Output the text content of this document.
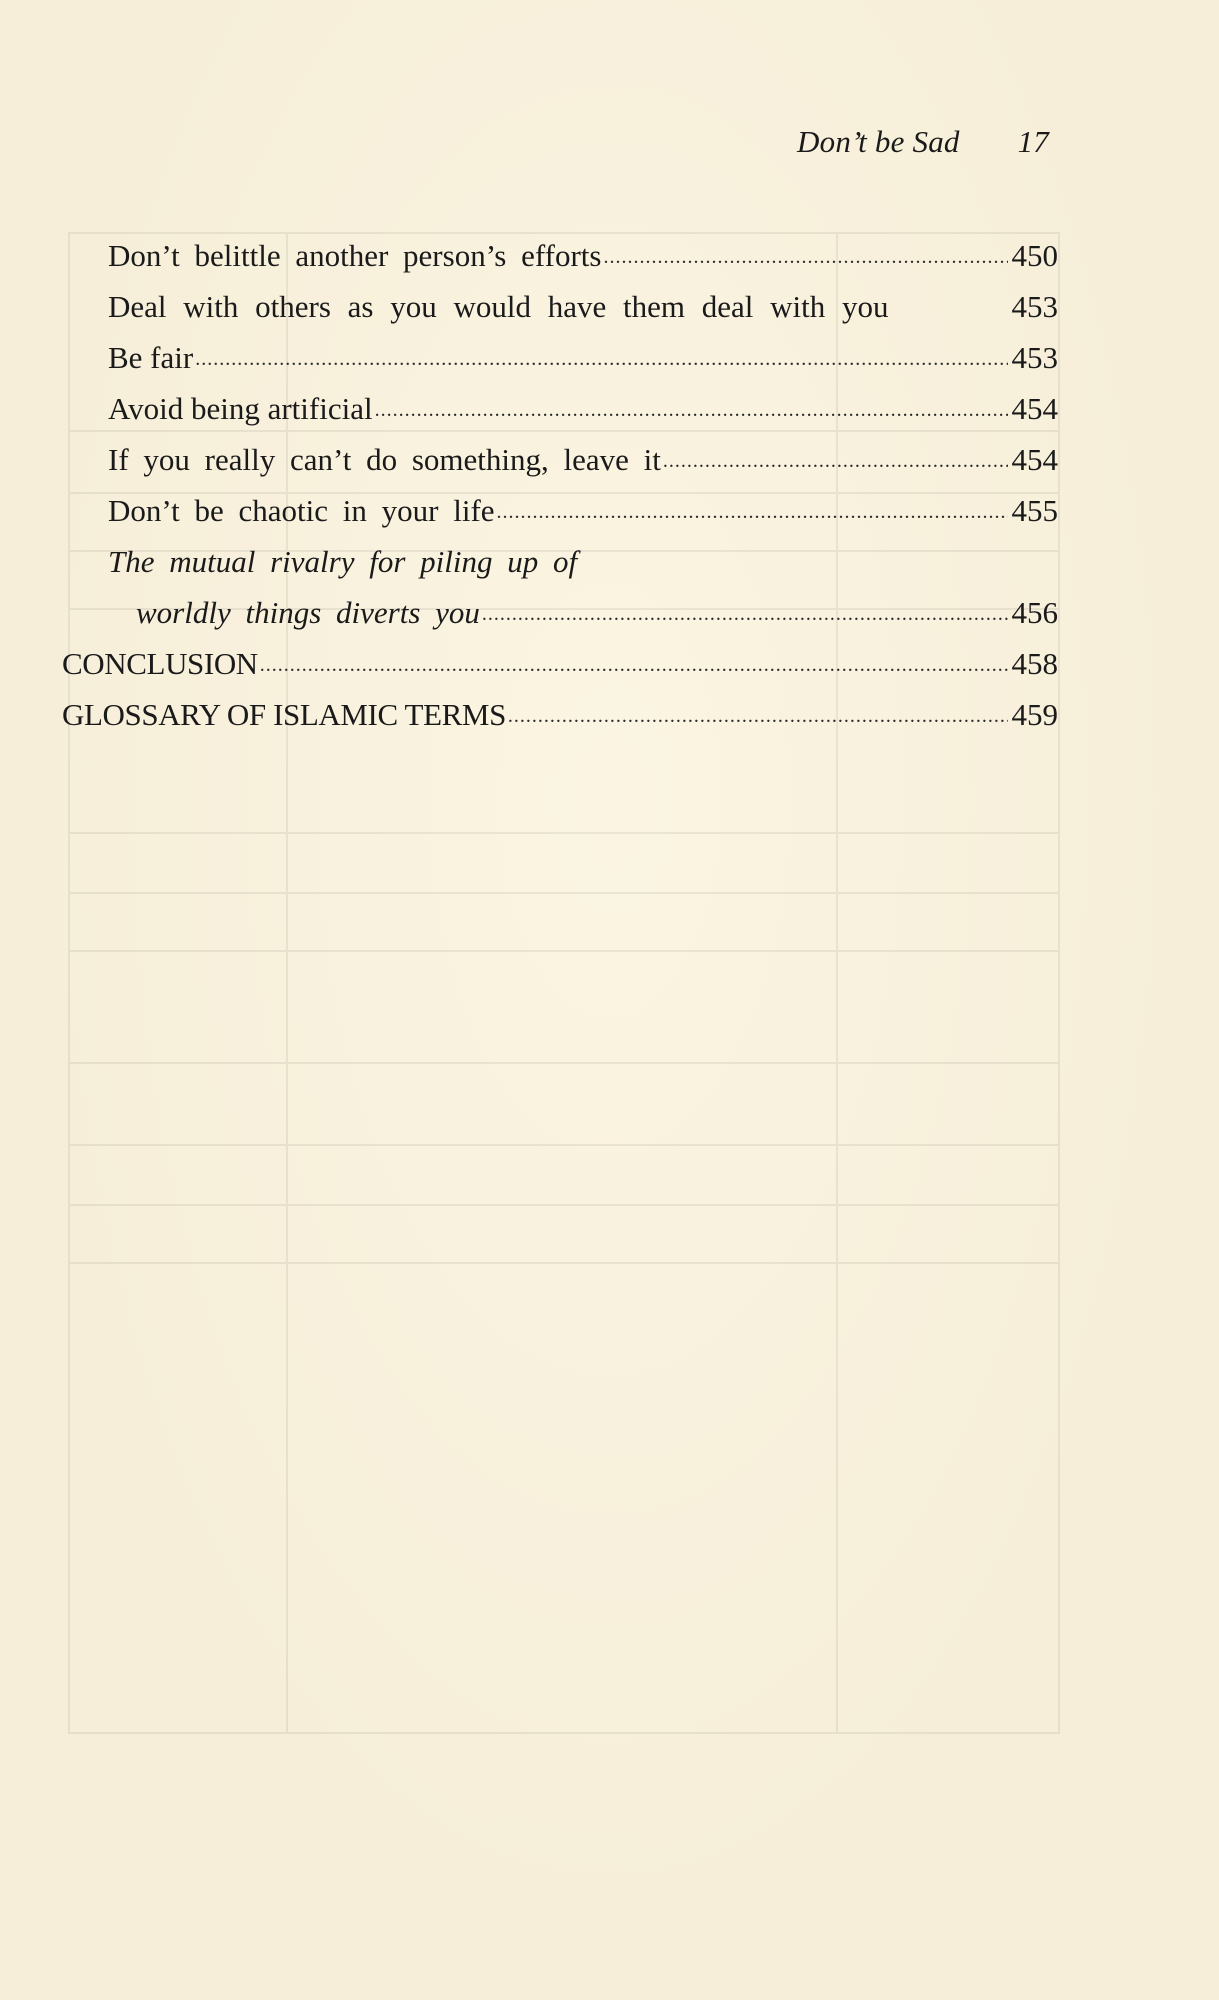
Don’t be Sad 17
Don’t belittle another person’s efforts .....	450
Deal with others as you would have them deal with you	453
Be fair .....	453
Avoid being artificial .....	454
If you really can’t do something, leave it .....	454
Don’t be chaotic in your life .....	455
The mutual rivalry for piling up of
worldly things diverts you .....	456
CONCLUSION .....	458
GLOSSARY OF ISLAMIC TERMS .....	459
